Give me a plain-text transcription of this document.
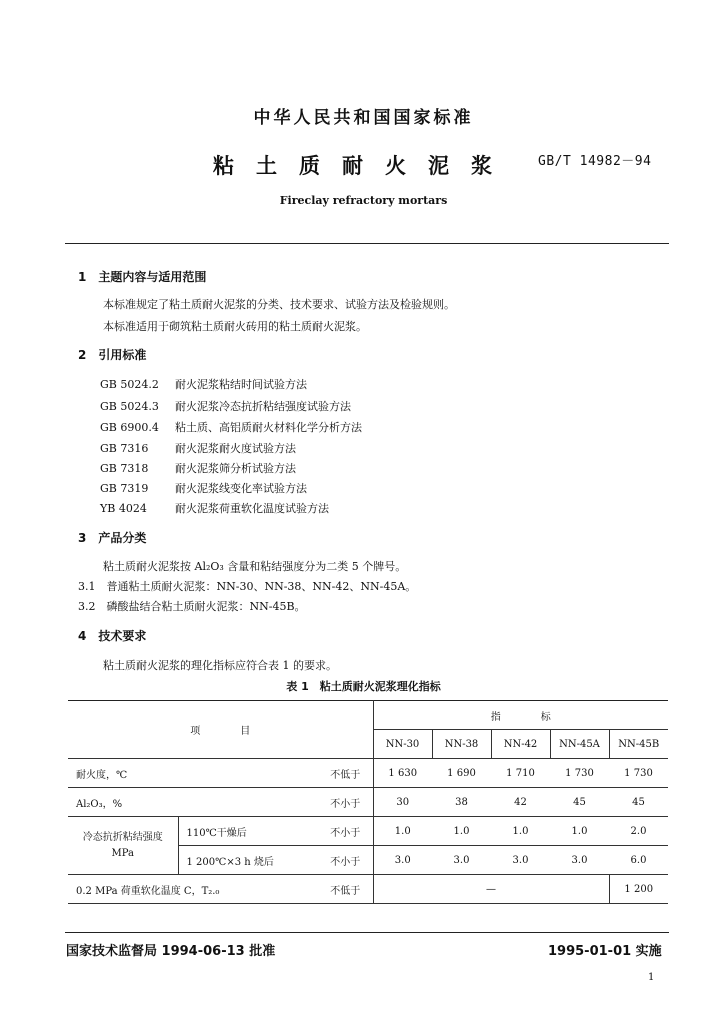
中华人民共和国国家标准
粘土质耐火泥浆	GB/T 14982－94
Fireclay refractory mortars
1　主题内容与适用范围
本标准规定了粘土质耐火泥浆的分类、技术要求、试验方法及检验规则。
本标准适用于砌筑粘土质耐火砖用的粘土质耐火泥浆。
2　引用标准
GB 5024.2 耐火泥浆粘结时间试验方法
GB 5024.3 耐火泥浆冷态抗折粘结强度试验方法
GB 6900.4 粘土质、高铝质耐火材料化学分析方法
GB 7316 耐火泥浆耐火度试验方法
GB 7318 耐火泥浆筛分析试验方法
GB 7319 耐火泥浆线变化率试验方法
YB 4024	耐火泥浆荷重软化温度试验方法
3　产品分类
粘土质耐火泥浆按 Al₂O₃ 含量和粘结强度分为二类 5 个牌号。
3.1　普通粘土质耐火泥浆：NN-30、NN-38、NN-42、NN-45A。
3.2　磷酸盐结合粘土质耐火泥浆：NN-45B。
4　技术要求
粘土质耐火泥浆的理化指标应符合表 1 的要求。
表 1　粘土质耐火泥浆理化指标
项　　　　目			指　　　　标				
			NN-30	NN-38	NN-42	NN-45A	NN-45B
耐火度，℃		不低于	1 630	1 690	1 710	1 730	1 730
Al₂O₃，%		不小于	30	38	42	45	45

冷态抗折粘结强度
MPa	110℃干燥后	不小于	1.0	1.0	1.0	1.0	2.0
	1 200℃×3 h 烧后	不小于	3.0	3.0	3.0	3.0	6.0
0.2 MPa 荷重软化温度 C，T₂.₀		不低于	—				1 200
国家技术监督局 1994-06-13 批准	1995-01-01 实施
1
